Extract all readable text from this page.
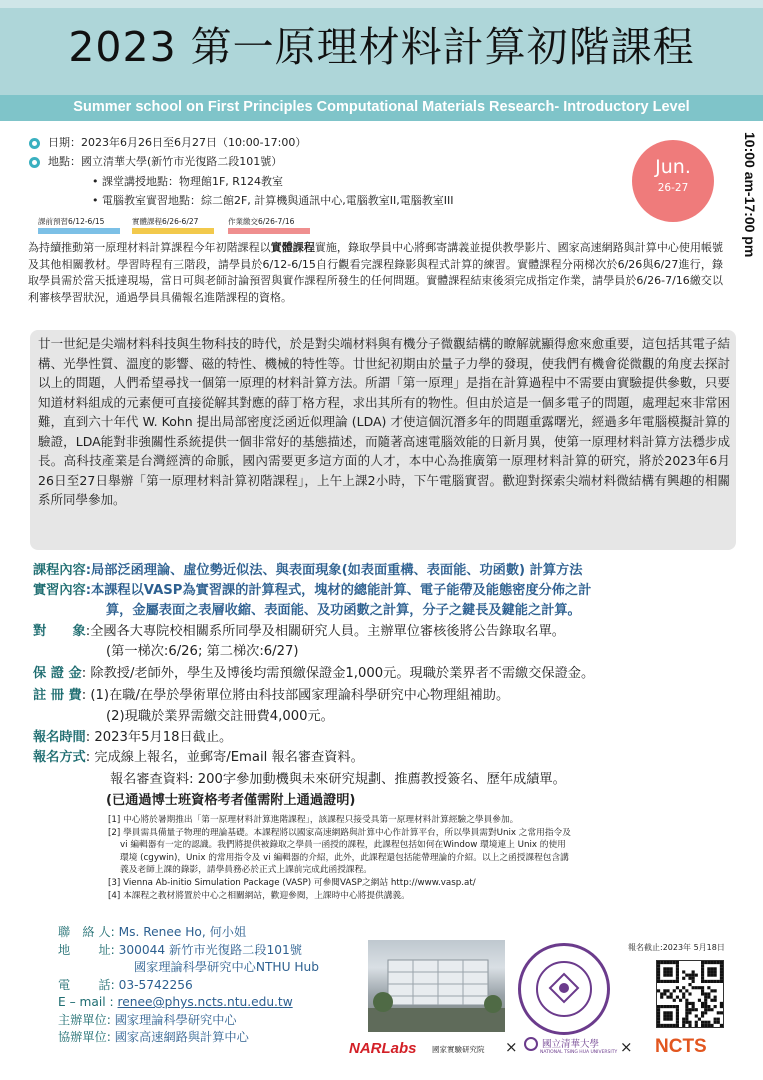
2023 第一原理材料計算初階課程
Summer school on First Principles Computational Materials Research- Introductory Level
日期：2023年6月26日至6月27日（10:00-17:00）
地點：國立清華大學(新竹市光復路二段101號）
• 課堂講授地點：物理館1F, R124教室
• 電腦教室實習地點：綜二館2F, 計算機與通訊中心,電腦教室II,電腦教室III
Jun.
26-27	10:00 am-17:00 pm
課前預習6/12-6/15	實體課程6/26-6/27	作業繳交6/26-7/16
為持續推動第一原理材料計算課程今年初階課程以實體課程實施，錄取學員中心將郵寄講義並提供教學影片、國家高速網路與計算中心使用帳號及其他相關教材。學習時程有三階段，請學員於6/12-6/15自行觀看完課程錄影與程式計算的練習。實體課程分兩梯次於6/26與6/27進行，錄取學員需於當天抵達現場，當日可與老師討論預習與實作課程所發生的任何問題。實體課程結束後須完成指定作業，請學員於6/26-7/16繳交以利審核學習狀況，通過學員具備報名進階課程的資格。
廿一世紀是尖端材料科技與生物科技的時代，於是對尖端材料與有機分子微觀結構的瞭解就顯得愈來愈重要，這包括其電子結構、光學性質、溫度的影響、磁的特性、機械的特性等。廿世紀初期由於量子力學的發現，使我們有機會從微觀的角度去探討以上的問題，人們希望尋找一個第一原理的材料計算方法。所謂「第一原理」是指在計算過程中不需要由實驗提供參數，只要知道材料組成的元素便可直接從解其對應的薛丁格方程，求出其所有的物性。但由於這是一個多電子的問題，處理起來非常困難，直到六十年代 W. Kohn 提出局部密度泛函近似理論 (LDA) 才使這個沉潛多年的問題重露曙光，經過多年電腦模擬計算的驗證，LDA能對非強關性系統提供一個非常好的基態描述，而隨著高速電腦效能的日新月異，使第一原理材料計算方法穩步成長。高科技產業是台灣經濟的命脈，國內需要更多這方面的人才，本中心為推廣第一原理材料計算的研究，將於2023年6月26日至27日舉辦「第一原理材料計算初階課程」，上午上課2小時，下午電腦實習。歡迎對探索尖端材料微結構有興趣的相關系所同學參加。
課程內容:局部泛函理論、虛位勢近似法、與表面現象(如表面重構、表面能、功函數) 計算方法
實習內容:本課程以VASP為實習課的計算程式，塊材的總能計算、電子能帶及能態密度分佈之計
算，金屬表面之表層收縮、表面能、及功函數之計算，分子之鍵長及鍵能之計算。
對　　象:全國各大專院校相關系所同學及相關研究人員。主辦單位審核後將公告錄取名單。
(第一梯次:6/26; 第二梯次:6/27)
保 證 金: 除教授/老師外，學生及博後均需預繳保證金1,000元。現職於業界者不需繳交保證金。
註 冊 費: (1)在職/在學於學術單位將由科技部國家理論科學研究中心物理組補助。
(2)現職於業界需繳交註冊費4,000元。
報名時間: 2023年5月18日截止。
報名方式: 完成線上報名，並郵寄/Email 報名審查資料。
報名審查資料: 200字參加動機與未來研究規劃、推薦教授簽名、歷年成績單。
(已通過博士班資格考者僅需附上通過證明)
[1] 中心將於暑期推出「第一原理材料計算進階課程」，該課程只接受具第一原理材料計算經驗之學員參加。
[2] 學員需具備量子物理的理論基礎。本課程將以國家高速網路與計算中心作計算平台，所以學員需對Unix 之常用指令及
vi 編輯器有一定的認識。我們將提供被錄取之學員一函授的課程，此課程包括如何在Window 環境連上 Unix 的使用
環境 (cgywin)，Unix 的常用指令及 vi 編輯器的介紹，此外，此課程還包括能帶理論的介紹。以上之函授課程包含講
義及老師上課的錄影，請學員務必於正式上課前完成此函授課程。
[3] Vienna Ab-initio Simulation Package (VASP) 可參閱VASP之網站 http://www.vasp.at/
[4] 本課程之教材將置於中心之相關網站，歡迎參閱，上課時中心將提供講義。
聯　絡 人: Ms. Renee Ho, 何小姐
地　　 址: 300044 新竹市光復路二段101號
國家理論科學研究中心NTHU Hub
電　　 話: 03-5742256
E – mail : renee@phys.ncts.ntu.edu.tw
主辦單位: 國家理論科學研究中心
協辦單位: 國家高速網路與計算中心
報名截止:2023年 5月18日
NARLabs 國家實驗研究院 ×	國立清華大學
NATIONAL TSING HUA UNIVERSITY × NCTS
